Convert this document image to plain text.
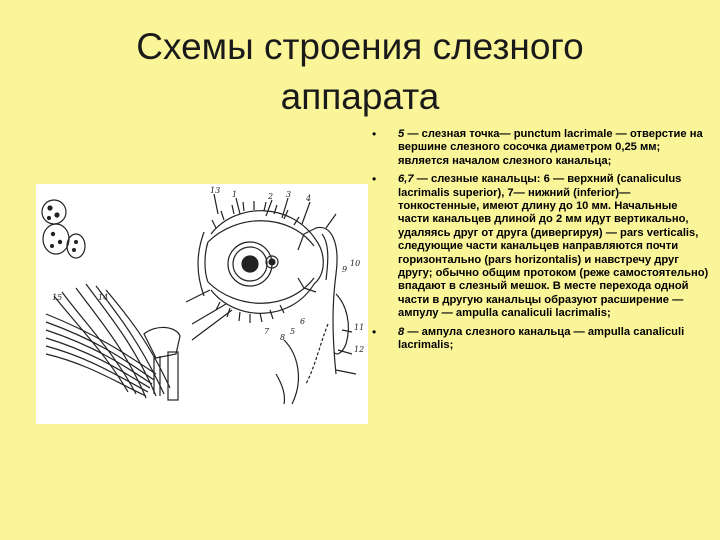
Схемы строения слезного
аппарата
13 1	2 3 4
5
6
7
8
9
10
11
12
14
15
• 5 — слезная точка— punctum lacrimale — отверстие на вершине слезного сосочка диаметром 0,25 мм; является началом слезного канальца;
• 6,7 — слезные канальцы: 6 — верхний (canaliculus lacrimalis superior), 7— нижний (inferior)—тонкостенные, имеют длину до 10 мм. Начальные части канальцев длиной до 2 мм идут вертикально, удаляясь друг от друга (дивергируя) — pars verticalis, следующие части канальцев направляются почти горизонтально (pars horizontalis) и навстречу друг другу; обычно общим протоком (реже самостоятельно) впадают в слезный мешок. В месте перехода одной части в другую канальцы образуют расширение — ампулу — ampulla canaliculi lacrimalis;
• 8 — ампула слезного канальца — ampulla canaliculi lacrimalis;
